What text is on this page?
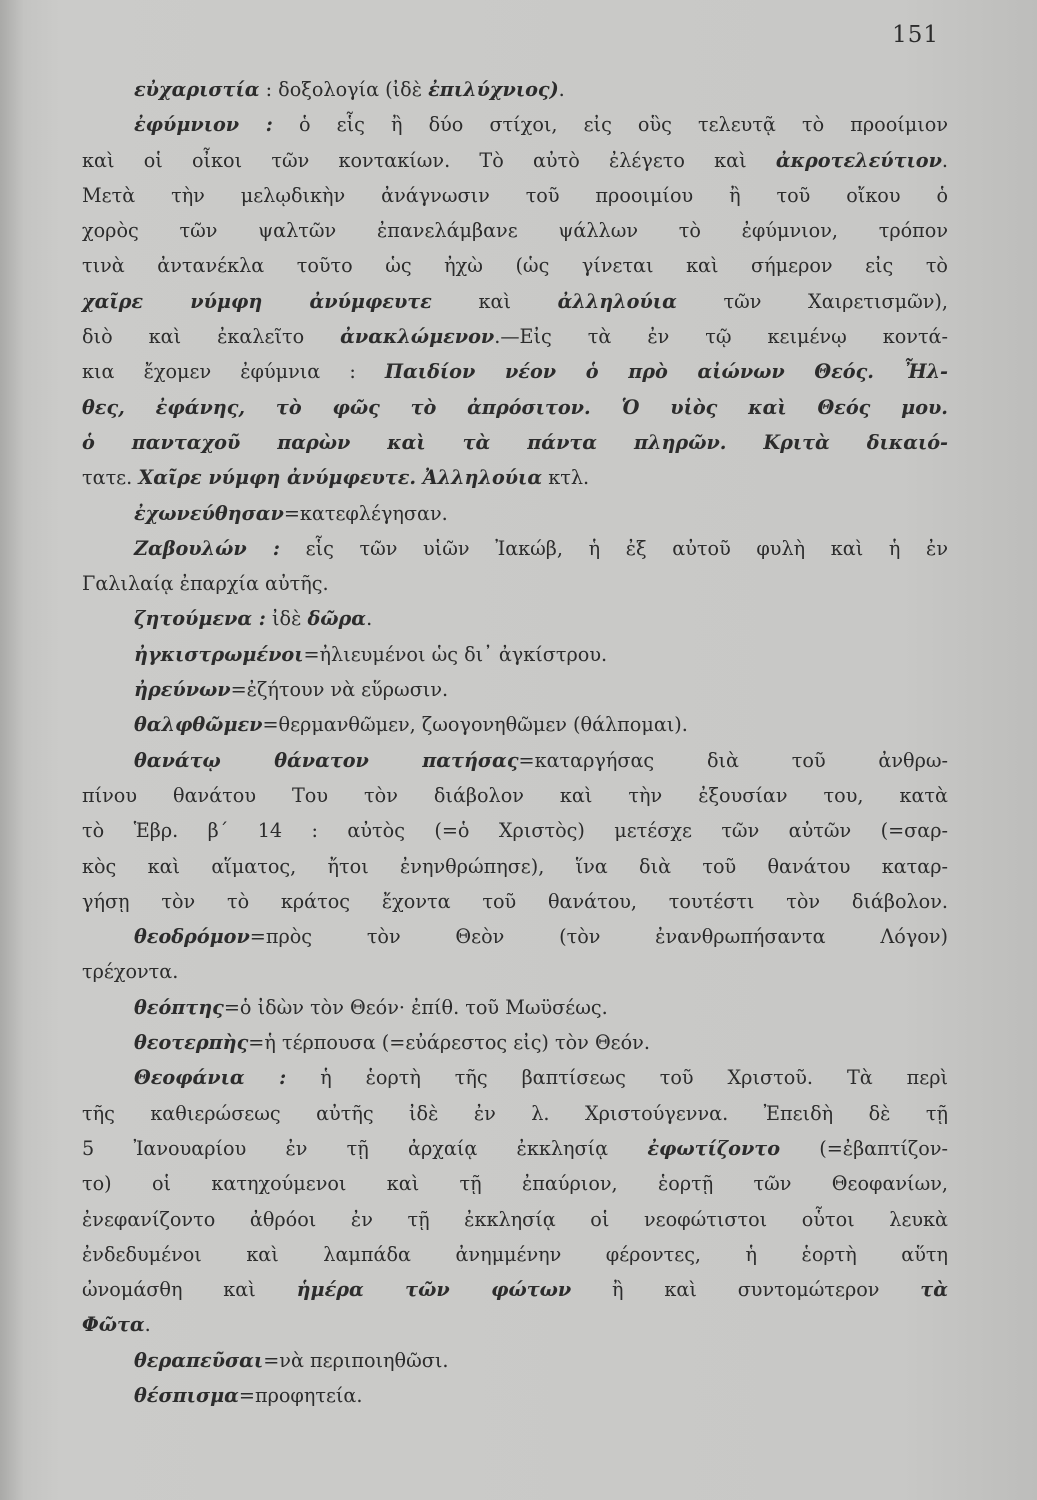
151
εὐχαριστία : δοξολογία (ἰδὲ ἐπιλύχνιος).
ἐφύμνιον : ὁ εἷς ἢ δύο στίχοι, εἰς οὓς τελευτᾷ τὸ προοίμιον
καὶ οἱ οἶκοι τῶν κοντακίων. Τὸ αὐτὸ ἐλέγετο καὶ ἀκροτελεύτιον.
Μετὰ τὴν μελῳδικὴν ἀνάγνωσιν τοῦ προοιμίου ἢ τοῦ οἴκου ὁ
χορὸς τῶν ψαλτῶν ἐπανελάμβανε ψάλλων τὸ ἐφύμνιον, τρόπον
τινὰ ἀντανέκλα τοῦτο ὡς ἠχὼ (ὡς γίνεται καὶ σήμερον εἰς τὸ
χαῖρε νύμφη ἀνύμφευτε καὶ ἀλληλούια τῶν Χαιρετισμῶν),
διὸ καὶ ἐκαλεῖτο ἀνακλώμενον.—Εἰς τὰ ἐν τῷ κειμένῳ κοντά-
κια ἔχομεν ἐφύμνια : Παιδίον νέον ὁ πρὸ αἰώνων Θεός. Ἦλ-
θες, ἐφάνης, τὸ φῶς τὸ ἀπρόσιτον. Ὁ υἱὸς καὶ Θεός μου.
ὁ πανταχοῦ παρὼν καὶ τὰ πάντα πληρῶν. Κριτὰ δικαιό-
τατε. Χαῖρε νύμφη ἀνύμφευτε. Ἀλληλούια κτλ.
ἐχωνεύθησαν=κατεφλέγησαν.
Ζαβουλών : εἷς τῶν υἱῶν Ἰακώβ, ἡ ἐξ αὐτοῦ φυλὴ καὶ ἡ ἐν
Γαλιλαίᾳ ἐπαρχία αὐτῆς.
ζητούμενα : ἰδὲ δῶρα.
ἠγκιστρωμένοι=ἠλιευμένοι ὡς δι᾽ ἀγκίστρου.
ἠρεύνων=ἐζήτουν νὰ εὕρωσιν.
θαλφθῶμεν=θερμανθῶμεν, ζωογονηθῶμεν (θάλπομαι).
θανάτῳ θάνατον πατήσας=καταργήσας διὰ τοῦ ἀνθρω-
πίνου θανάτου Του τὸν διάβολον καὶ τὴν ἐξουσίαν του, κατὰ
τὸ Ἑβρ. β΄ 14 : αὐτὸς (=ὁ Χριστὸς) μετέσχε τῶν αὐτῶν (=σαρ-
κὸς καὶ αἵματος, ἤτοι ἐνηνθρώπησε), ἵνα διὰ τοῦ θανάτου καταρ-
γήσῃ τὸν τὸ κράτος ἔχοντα τοῦ θανάτου, τουτέστι τὸν διάβολον.
θεοδρόμον=πρὸς τὸν Θεὸν (τὸν ἐνανθρωπήσαντα Λόγον)
τρέχοντα.
θεόπτης=ὁ ἰδὼν τὸν Θεόν· ἐπίθ. τοῦ Μωϋσέως.
θεοτερπὴς=ἡ τέρπουσα (=εὐάρεστος εἰς) τὸν Θεόν.
Θεοφάνια : ἡ ἑορτὴ τῆς βαπτίσεως τοῦ Χριστοῦ. Τὰ περὶ
τῆς καθιερώσεως αὐτῆς ἰδὲ ἐν λ. Χριστούγεννα. Ἐπειδὴ δὲ τῇ
5 Ἰανουαρίου ἐν τῇ ἀρχαίᾳ ἐκκλησίᾳ ἐφωτίζοντο (=ἐβαπτίζον-
το) οἱ κατηχούμενοι καὶ τῇ ἐπαύριον, ἑορτῇ τῶν Θεοφανίων,
ἐνεφανίζοντο ἀθρόοι ἐν τῇ ἐκκλησίᾳ οἱ νεοφώτιστοι οὗτοι λευκὰ
ἐνδεδυμένοι καὶ λαμπάδα ἀνημμένην φέροντες, ἡ ἑορτὴ αὕτη
ὠνομάσθη καὶ ἡμέρα τῶν φώτων ἢ καὶ συντομώτερον τὰ
Φῶτα.
θεραπεῦσαι=νὰ περιποιηθῶσι.
θέσπισμα=προφητεία.
